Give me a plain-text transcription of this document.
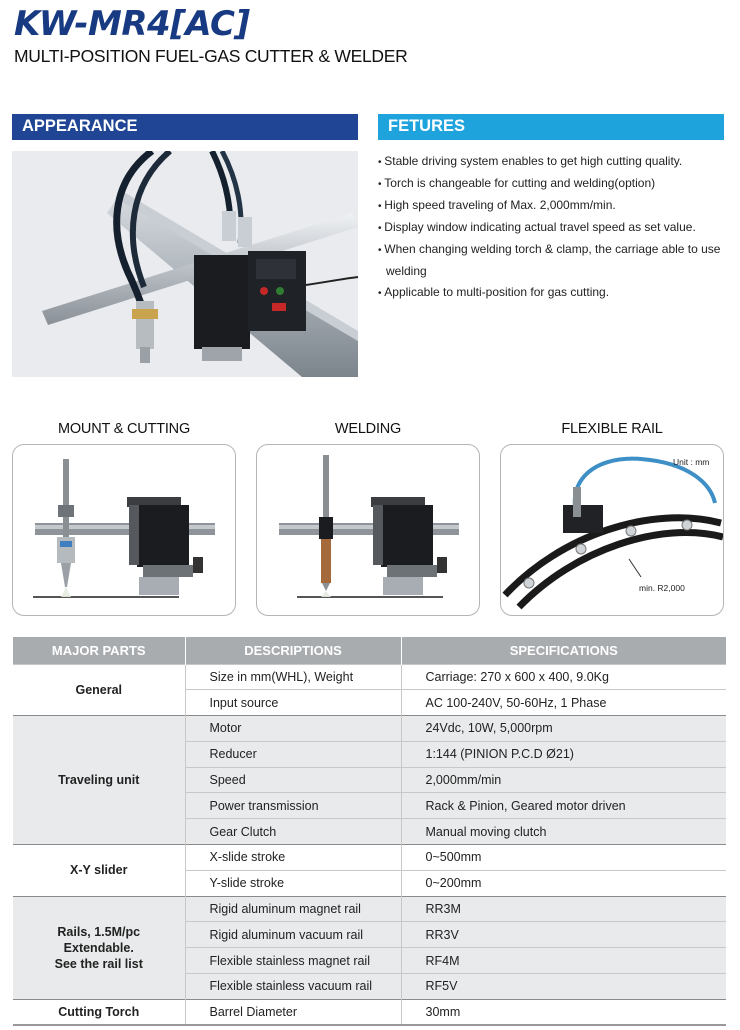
KW-MR4[AC]
MULTI-POSITION FUEL-GAS CUTTER & WELDER
APPEARANCE	FETURES
• Stable driving system enables to get high cutting quality.
• Torch is changeable for cutting and welding(option)
• High speed traveling of Max. 2,000mm/min.
• Display window indicating actual travel speed as set value.
• When changing welding torch & clamp, the carriage able to use welding
• Applicable to multi-position for gas cutting.
MOUNT & CUTTING	WELDING	FLEXIBLE RAIL
Unit : mm
min. R2,000
MAJOR PARTS	DESCRIPTIONS	SPECIFICATIONS
General	Size in mm(WHL), Weight	Carriage: 270 x 600 x 400, 9.0Kg
	Input source	AC 100-240V, 50-60Hz, 1 Phase
Traveling unit	Motor	24Vdc, 10W, 5,000rpm
	Reducer	1:144 (PINION P.C.D Ø21)
	Speed	2,000mm/min
	Power transmission	Rack & Pinion, Geared motor driven
	Gear Clutch	Manual moving clutch
X-Y slider	X-slide stroke	0~500mm
	Y-slide stroke	0~200mm
Rails, 1.5M/pc
Extendable.
See the rail list	Rigid aluminum magnet rail	RR3M
	Rigid aluminum vacuum rail	RR3V
	Flexible stainless magnet rail	RF4M
	Flexible stainless vacuum rail	RF5V
Cutting Torch	Barrel Diameter	30mm
